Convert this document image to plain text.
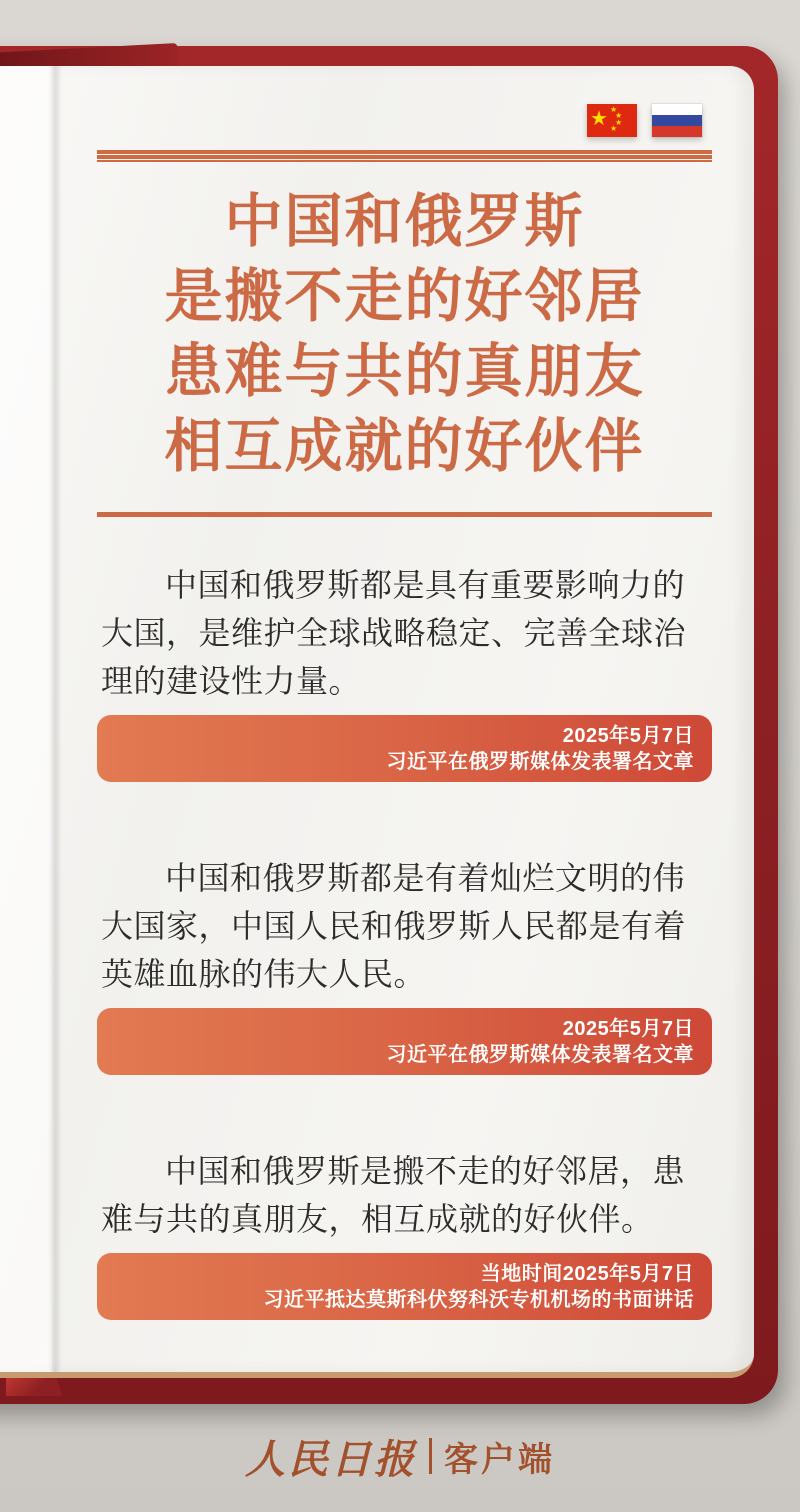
★ ★
★
★
★
中国和俄罗斯
是搬不走的好邻居
患难与共的真朋友
相互成就的好伙伴

中国和俄罗斯都是具有重要影响力的大国，是维护全球战略稳定、完善全球治理的建设性力量。

2025年5月7日
习近平在俄罗斯媒体发表署名文章

中国和俄罗斯都是有着灿烂文明的伟大国家，中国人民和俄罗斯人民都是有着英雄血脉的伟大人民。

2025年5月7日
习近平在俄罗斯媒体发表署名文章

中国和俄罗斯是搬不走的好邻居，患难与共的真朋友，相互成就的好伙伴。

当地时间2025年5月7日
习近平抵达莫斯科伏努科沃专机机场的书面讲话
人民日报 客户端
